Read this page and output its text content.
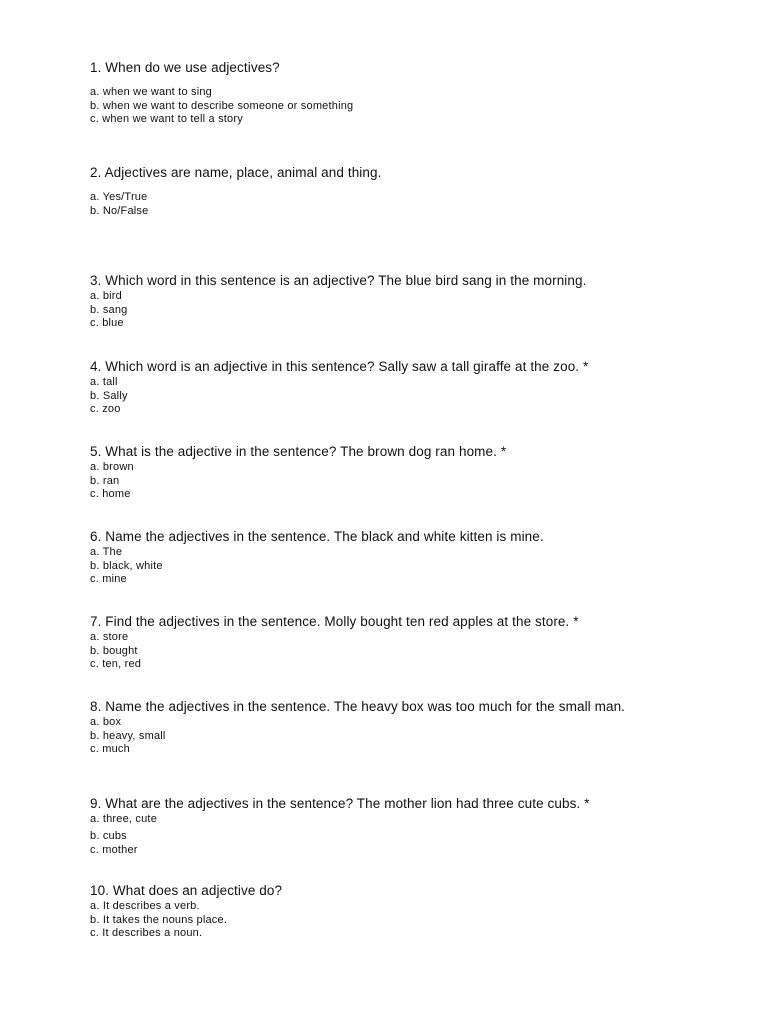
1. When do we use adjectives?

a. when we want to sing
b. when we want to describe someone or something
c. when we want to tell a story

2. Adjectives are name, place, animal and thing.

a. Yes/True
b. No/False

3. Which word in this sentence is an adjective? The blue bird sang in the morning.

a. bird
b. sang
c. blue

4. Which word is an adjective in this sentence? Sally saw a tall giraffe at the zoo. *

a. tall
b. Sally
c. zoo

5. What is the adjective in the sentence? The brown dog ran home. *

a. brown
b. ran
c. home

6. Name the adjectives in the sentence. The black and white kitten is mine.

a. The
b. black, white
c. mine

7. Find the adjectives in the sentence. Molly bought ten red apples at the store. *

a. store
b. bought
c. ten, red

8. Name the adjectives in the sentence. The heavy box was too much for the small man.

a. box
b. heavy, small
c. much

9. What are the adjectives in the sentence? The mother lion had three cute cubs. *

a. three, cute
b. cubs
c. mother

10. What does an adjective do?

a. It describes a verb.
b. It takes the nouns place.
c. It describes a noun.
